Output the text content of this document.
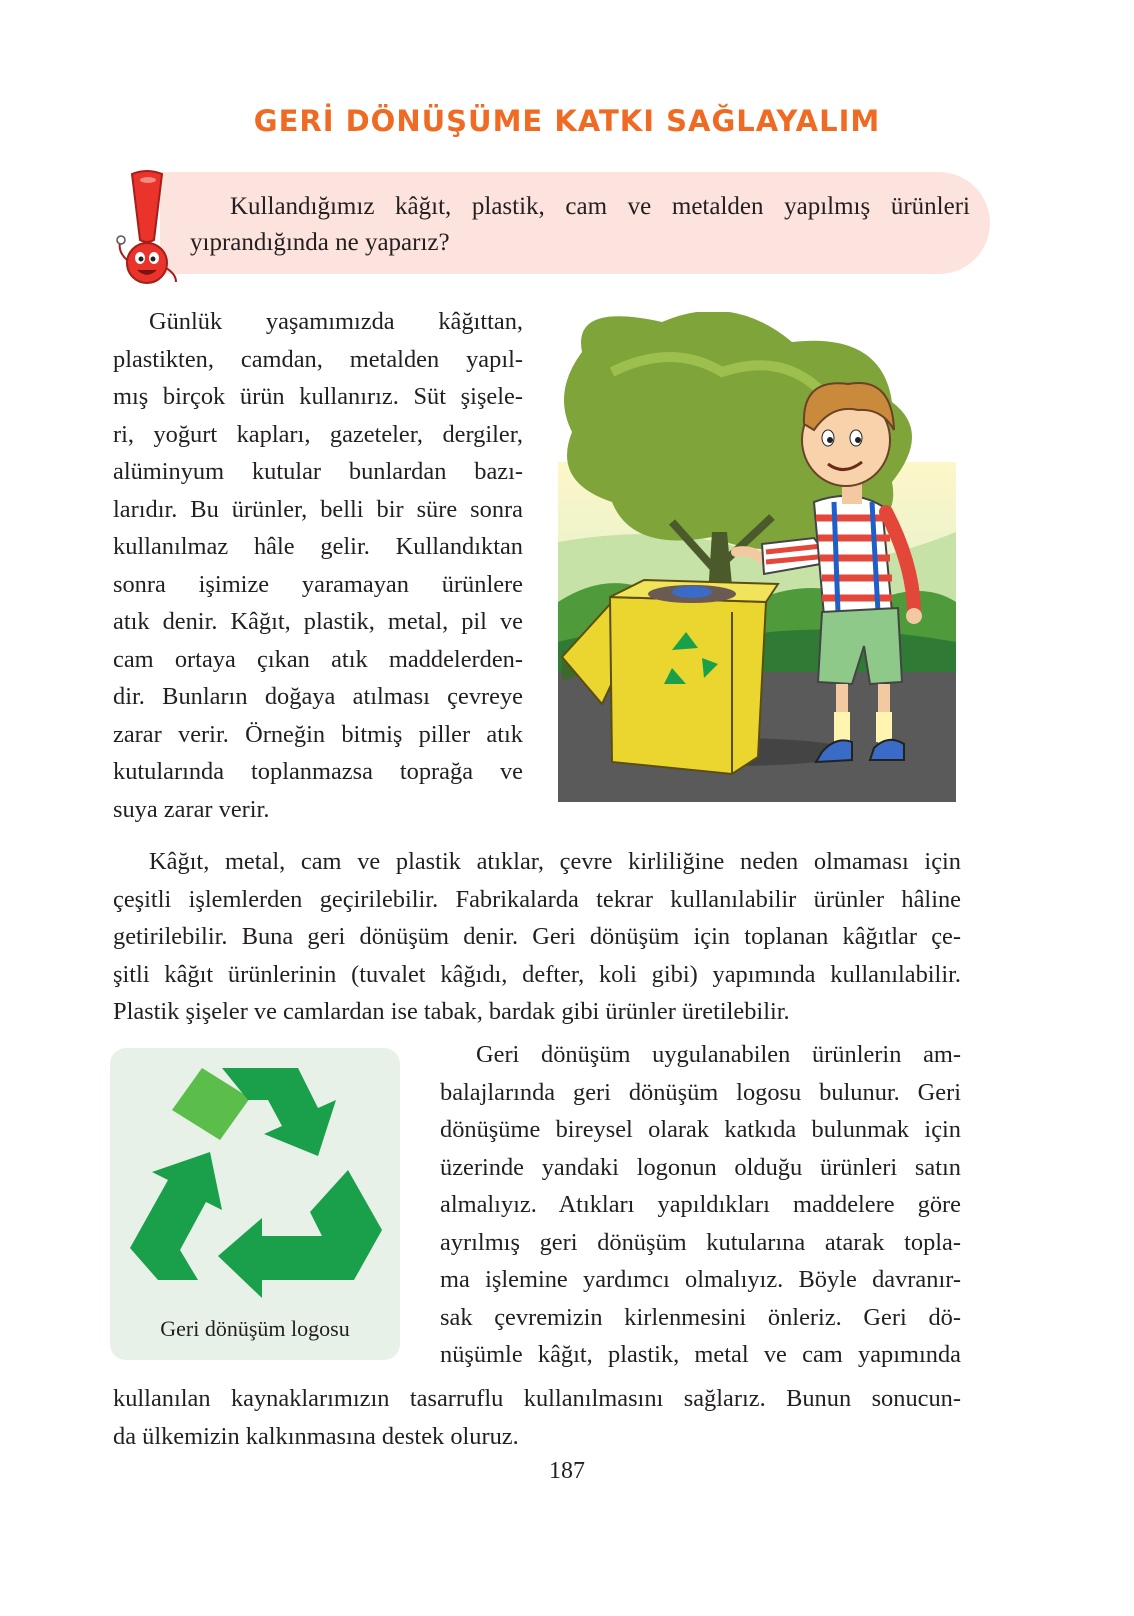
GERİ DÖNÜŞÜME KATKI SAĞLAYALIM

Kullandığımız kâğıt, plastik, cam ve metalden yapılmış ürünleri yıprandığında ne yaparız?

Günlük yaşamımızda kâğıttan,
plastikten, camdan, metalden yapıl-
mış birçok ürün kullanırız. Süt şişele-
ri, yoğurt kapları, gazeteler, dergiler,
alüminyum kutular bunlardan bazı-
larıdır. Bu ürünler, belli bir süre sonra
kullanılmaz hâle gelir. Kullandıktan
sonra işimize yaramayan ürünlere
atık denir. Kâğıt, plastik, metal, pil ve
cam ortaya çıkan atık maddelerden-
dir. Bunların doğaya atılması çevreye
zarar verir. Örneğin bitmiş piller atık
kutularında toplanmazsa toprağa ve
suya zarar verir.
Kâğıt, metal, cam ve plastik atıklar, çevre kirliliğine neden olmaması için
çeşitli işlemlerden geçirilebilir. Fabrikalarda tekrar kullanılabilir ürünler hâline
getirilebilir. Buna geri dönüşüm denir. Geri dönüşüm için toplanan kâğıtlar çe-
şitli kâğıt ürünlerinin (tuvalet kâğıdı, defter, koli gibi) yapımında kullanılabilir.
Plastik şişeler ve camlardan ise tabak, bardak gibi ürünler üretilebilir.

Geri dönüşüm logosu

Geri dönüşüm uygulanabilen ürünlerin am-
balajlarında geri dönüşüm logosu bulunur. Geri
dönüşüme bireysel olarak katkıda bulunmak için
üzerinde yandaki logonun olduğu ürünleri satın
almalıyız. Atıkları yapıldıkları maddelere göre
ayrılmış geri dönüşüm kutularına atarak topla-
ma işlemine yardımcı olmalıyız. Böyle davranır-
sak çevremizin kirlenmesini önleriz. Geri dö-
nüşümle kâğıt, plastik, metal ve cam yapımında
kullanılan kaynaklarımızın tasarruflu kullanılmasını sağlarız. Bunun sonucun-
da ülkemizin kalkınmasına destek oluruz.

187
